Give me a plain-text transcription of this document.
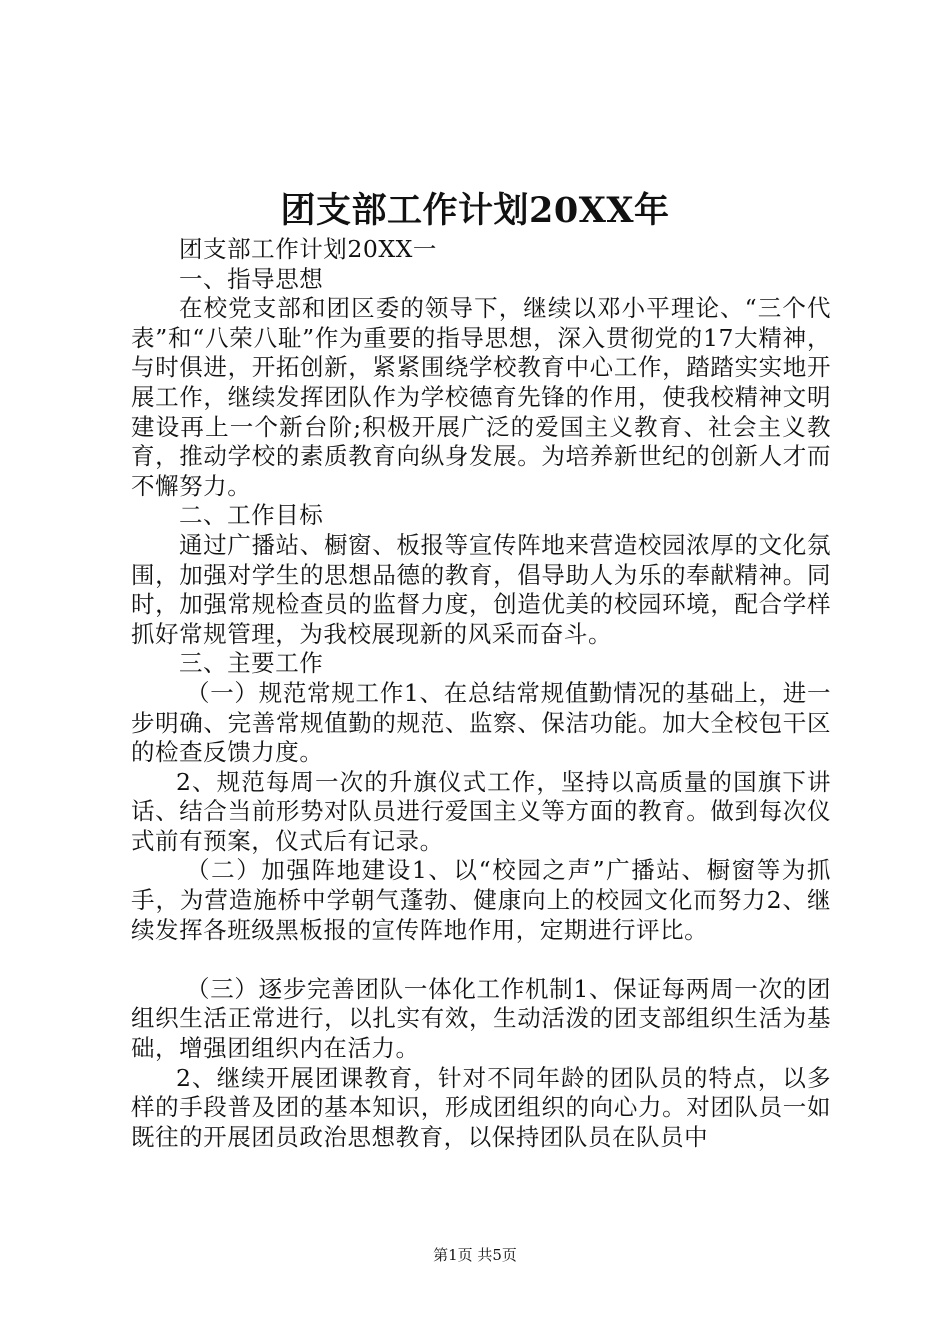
团支部工作计划20XX年

团支部工作计划20XX一

一、指导思想

在校党支部和团区委的领导下，继续以邓小平理论、“三个代表”和“八荣八耻”作为重要的指导思想，深入贯彻党的17大精神，与时俱进，开拓创新，紧紧围绕学校教育中心工作，踏踏实实地开展工作，继续发挥团队作为学校德育先锋的作用，使我校精神文明建设再上一个新台阶;积极开展广泛的爱国主义教育、社会主义教育，推动学校的素质教育向纵身发展。为培养新世纪的创新人才而不懈努力。

二、工作目标

通过广播站、橱窗、板报等宣传阵地来营造校园浓厚的文化氛围，加强对学生的思想品德的教育，倡导助人为乐的奉献精神。同时，加强常规检查员的监督力度，创造优美的校园环境，配合学样抓好常规管理，为我校展现新的风采而奋斗。

三、主要工作

（一）规范常规工作1、在总结常规值勤情况的基础上，进一步明确、完善常规值勤的规范、监察、保洁功能。加大全校包干区的检查反馈力度。

2、规范每周一次的升旗仪式工作，坚持以高质量的国旗下讲话、结合当前形势对队员进行爱国主义等方面的教育。做到每次仪式前有预案，仪式后有记录。

（二）加强阵地建设1、以“校园之声”广播站、橱窗等为抓手，为营造施桥中学朝气蓬勃、健康向上的校园文化而努力2、继续发挥各班级黑板报的宣传阵地作用，定期进行评比。

（三）逐步完善团队一体化工作机制1、保证每两周一次的团组织生活正常进行，以扎实有效，生动活泼的团支部组织生活为基础，增强团组织内在活力。

2、继续开展团课教育，针对不同年龄的团队员的特点，以多样的手段普及团的基本知识，形成团组织的向心力。对团队员一如既往的开展团员政治思想教育，以保持团队员在队员中

第1页 共5页
